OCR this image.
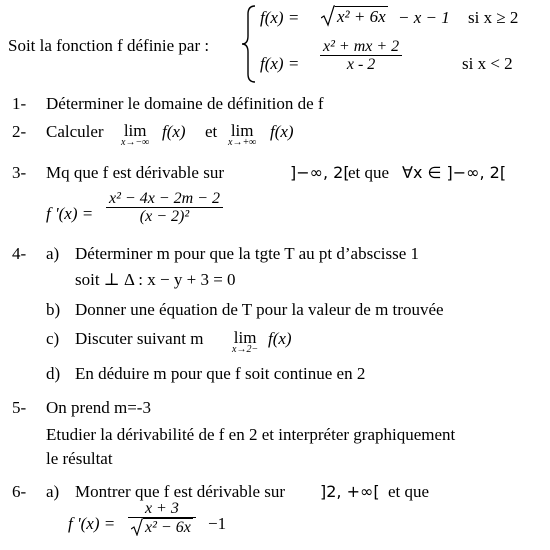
Soit la fonction f définie par :
f(x) = x² + 6x − x − 1 si x ≥ 2
$f(x) = \frac{\text{x² + mx + 2}}{x - 2}$	si x < 2
1- Déterminer le domaine de définition de f
2- Calculer lim
x→−∞
f(x) et lim
x→+∞
f(x)
3- Mq que f est dérivable sur	]−∞, 2[
et que ∀x ∈ ]−∞, 2[
f '$(x) = \frac{\text{x² − 4x − 2m − 2}}{\text{(x − 2)²}}$
4- a) Déterminer m pour que la tgte T au pt d’abscisse 1
soit ⊥ Δ : x − y + 3 = 0
b) Donner une équation de T pour la valeur de m trouvée
c) Discuter suivant m lim
x→2−
f(x)
d) En déduire m pour que f soit continue en 2
5- On prend m=-3
Etudier la dérivabilité de f en 2 et interpréter graphiquement
le résultat
6- a) Montrer que f est dérivable sur ]2, +∞[ et que
f '$(x) = \frac{x + 3}{\text{x² − 6x}} -1$
